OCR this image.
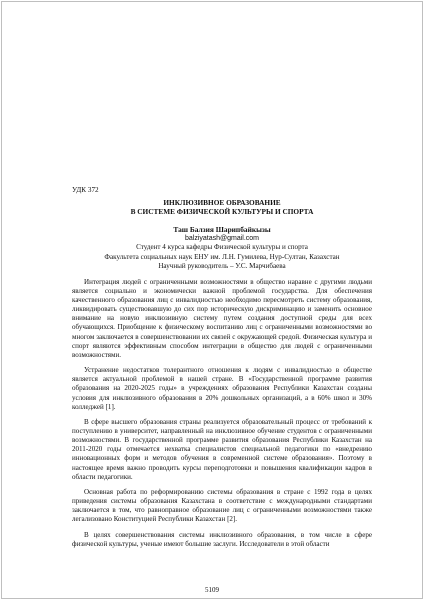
УДК 372

ИНКЛЮЗИВНОЕ ОБРАЗОВАНИЕ
В СИСТЕМЕ ФИЗИЧЕСКОЙ КУЛЬТУРЫ И СПОРТА
Таш Балзия Шарипбайкызы
balziyatash@gmail.com
Студент 4 курса кафедры Физической культуры и спорта
Факультета социальных наук ЕНУ им. Л.Н. Гумилева, Нур-Султан, Казахстан
Научный руководитель – У.С. Марчибаева

Интеграция людей с ограниченными возможностями в общество наравне с другими людьми является социально и экономически важной проблемой государства. Для обеспечения качественного образования лиц с инвалидностью необходимо пересмотреть систему образования, ликвидировать существовавшую до сих пор историческую дискриминацию и заменить основное внимание на новую инклюзивную систему путем создания доступной среды для всех обучающихся. Приобщение к физическому воспитанию лиц с ограниченными возможностями во многом заключается в совершенствовании их связей с окружающей средой. Физическая культура и спорт являются эффективным способом интеграции в общество для людей с ограниченными возможностями.

Устранение недостатков толерантного отношения к людям с инвалидностью в обществе является актуальной проблемой в нашей стране. В «Государственной программе развития образования на 2020-2025 годы» в учреждениях образования Республики Казахстан созданы условия для инклюзивного образования в 20% дошкольных организаций, а в 60% школ и 30% колледжей [1].

В сфере высшего образования страны реализуется образовательный процесс от требований к поступлению в университет, направленный на инклюзивное обучение студентов с ограниченными возможностями. В государственной программе развития образования Республики Казахстан на 2011-2020 годы отмечается нехватка специалистов специальной педагогики по «внедрению инновационных форм и методов обучения в современной системе образования». Поэтому в настоящее время важно проводить курсы переподготовки и повышения квалификации кадров в области педагогики.

Основная работа по реформированию системы образования в стране с 1992 года в целях приведения системы образования Казахстана в соответствие с международными стандартами заключается в том, что равноправное образование лиц с ограниченными возможностями также легализовано Конституцией Республики Казахстан [2].

В целях совершенствования системы инклюзивного образования, в том числе в сфере физической культуры, ученые имеют большие заслуги. Исследователи в этой области

5109
